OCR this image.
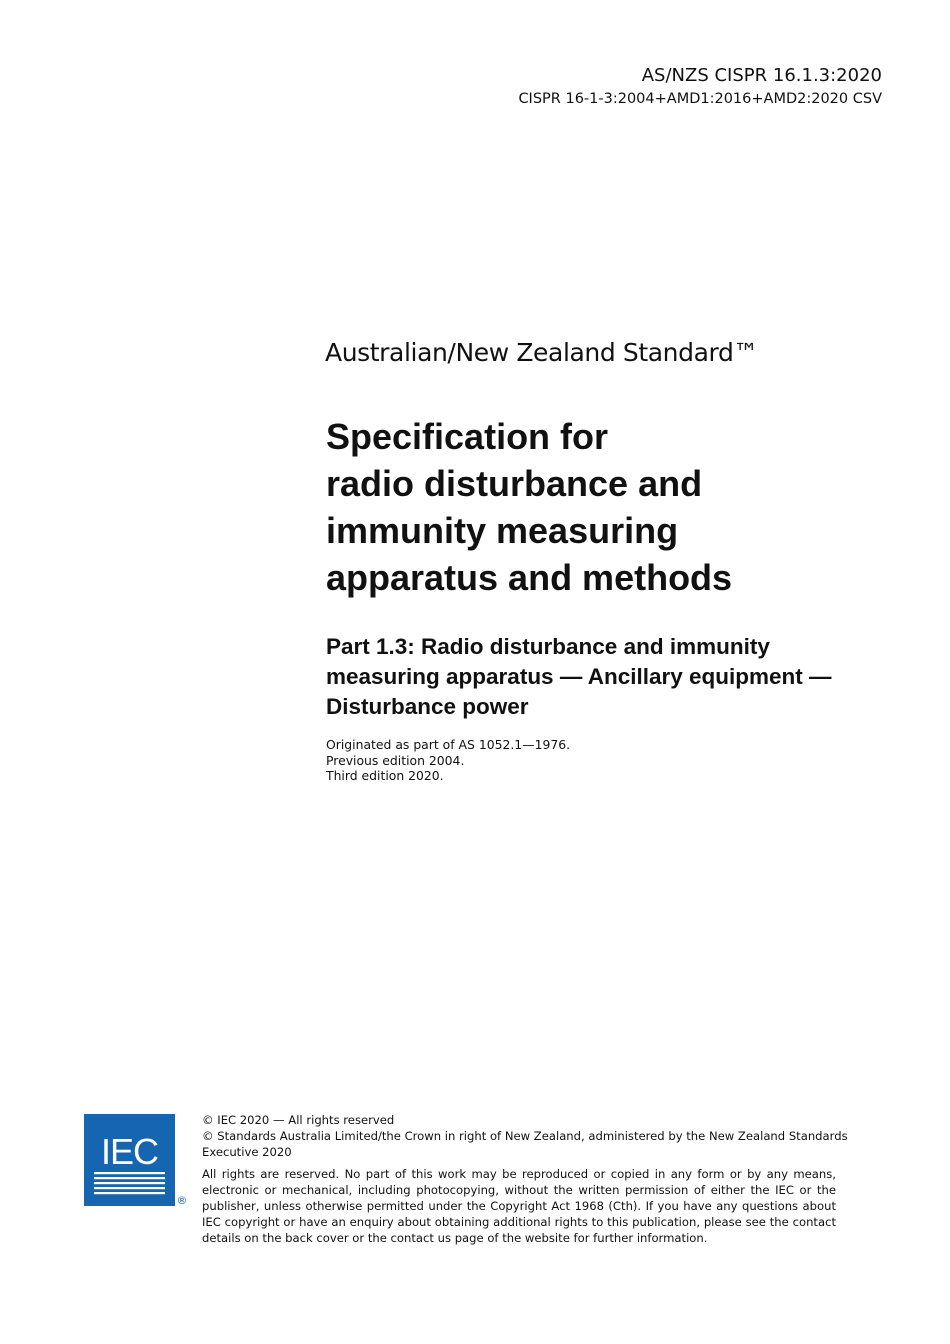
AS/NZS CISPR 16.1.3:2020
CISPR 16-1-3:2004+AMD1:2016+AMD2:2020 CSV
Australian/New Zealand Standard™
Specification for
radio disturbance and
immunity measuring
apparatus and methods
Part 1.3: Radio disturbance and immunity
measuring apparatus — Ancillary equipment —
Disturbance power
Originated as part of AS 1052.1—1976.
Previous edition 2004.
Third edition 2020.
IEC
®
© IEC 2020 — All rights reserved
© Standards Australia Limited/the Crown in right of New Zealand, administered by the New Zealand Standards
Executive 2020
All rights are reserved. No part of this work may be reproduced or copied in any form or by any means, electronic or mechanical, including photocopying, without the written permission of either the IEC or the publisher, unless otherwise permitted under the Copyright Act 1968 (Cth). If you have any questions about IEC copyright or have an enquiry about obtaining additional rights to this publication, please see the contact details on the back cover or the contact us page of the website for further information.
